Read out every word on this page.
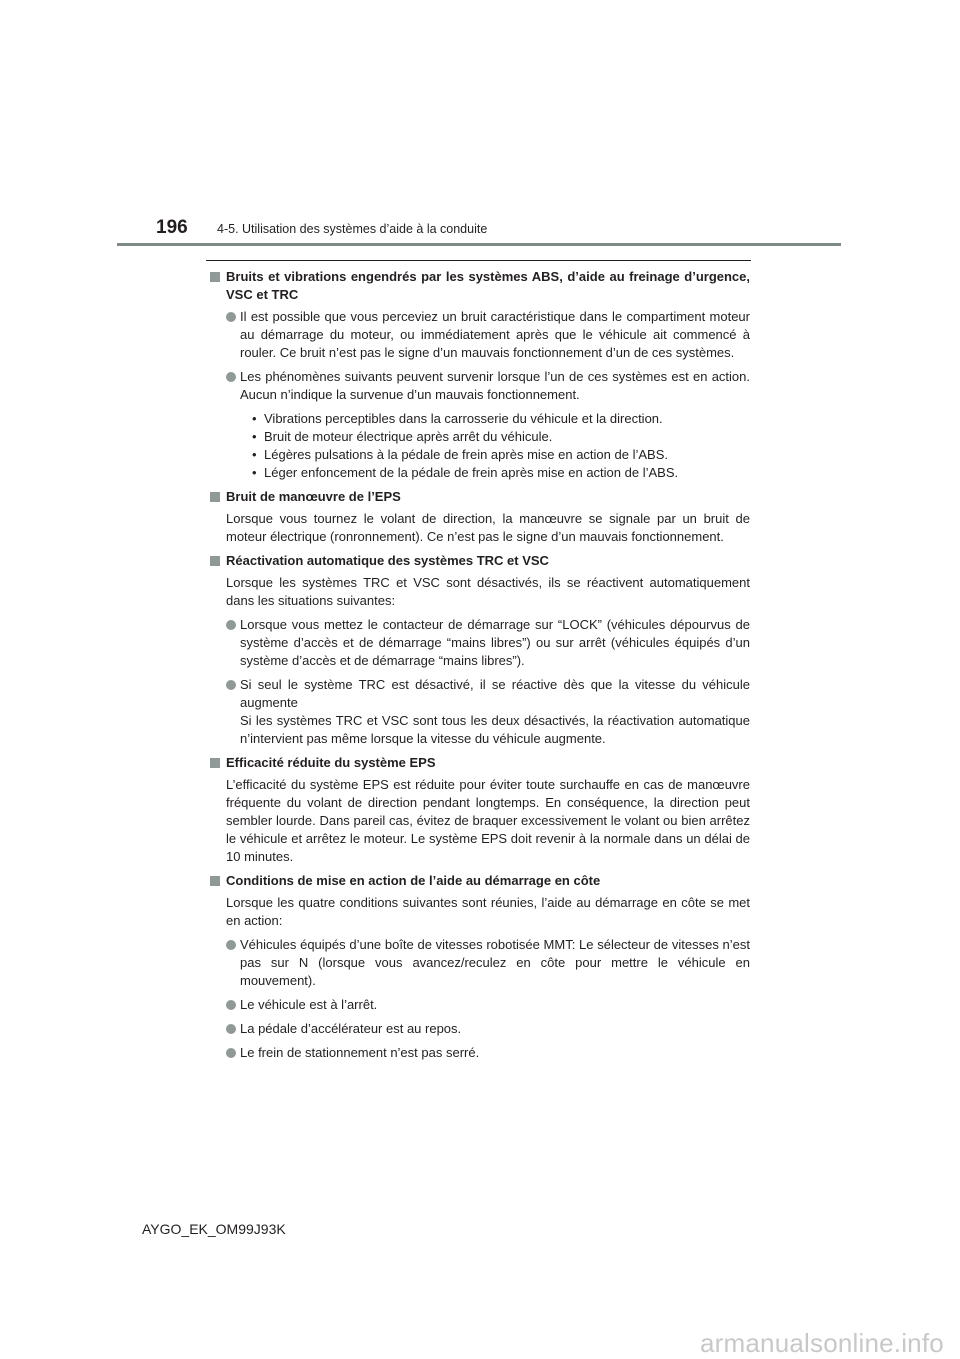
196 4-5. Utilisation des systèmes d’aide à la conduite
Bruits et vibrations engendrés par les systèmes ABS, d’aide au freinage d’urgence, VSC et TRC
Il est possible que vous perceviez un bruit caractéristique dans le compartiment moteur au démarrage du moteur, ou immédiatement après que le véhicule ait commencé à rouler. Ce bruit n’est pas le signe d’un mauvais fonctionnement d’un de ces systèmes.
Les phénomènes suivants peuvent survenir lorsque l’un de ces systèmes est en action. Aucun n’indique la survenue d’un mauvais fonctionnement.
• Vibrations perceptibles dans la carrosserie du véhicule et la direction.
• Bruit de moteur électrique après arrêt du véhicule.
• Légères pulsations à la pédale de frein après mise en action de l’ABS.
• Léger enfoncement de la pédale de frein après mise en action de l’ABS.
Bruit de manœuvre de l’EPS
Lorsque vous tournez le volant de direction, la manœuvre se signale par un bruit de moteur électrique (ronronnement). Ce n’est pas le signe d’un mauvais fonctionnement.
Réactivation automatique des systèmes TRC et VSC
Lorsque les systèmes TRC et VSC sont désactivés, ils se réactivent automatiquement dans les situations suivantes:
Lorsque vous mettez le contacteur de démarrage sur “LOCK” (véhicules dépourvus de système d’accès et de démarrage “mains libres”) ou sur arrêt (véhicules équipés d’un système d’accès et de démarrage “mains libres”).
Si seul le système TRC est désactivé, il se réactive dès que la vitesse du véhicule augmente
Si les systèmes TRC et VSC sont tous les deux désactivés, la réactivation automatique n’intervient pas même lorsque la vitesse du véhicule augmente.
Efficacité réduite du système EPS
L’efficacité du système EPS est réduite pour éviter toute surchauffe en cas de manœuvre fréquente du volant de direction pendant longtemps. En conséquence, la direction peut sembler lourde. Dans pareil cas, évitez de braquer excessivement le volant ou bien arrêtez le véhicule et arrêtez le moteur. Le système EPS doit revenir à la normale dans un délai de 10 minutes.
Conditions de mise en action de l’aide au démarrage en côte
Lorsque les quatre conditions suivantes sont réunies, l’aide au démarrage en côte se met en action:
Véhicules équipés d’une boîte de vitesses robotisée MMT: Le sélecteur de vitesses n’est pas sur N (lorsque vous avancez/reculez en côte pour mettre le véhicule en mouvement).
Le véhicule est à l’arrêt.
La pédale d’accélérateur est au repos.
Le frein de stationnement n’est pas serré.
AYGO_EK_OM99J93K
armanualsonline.info
